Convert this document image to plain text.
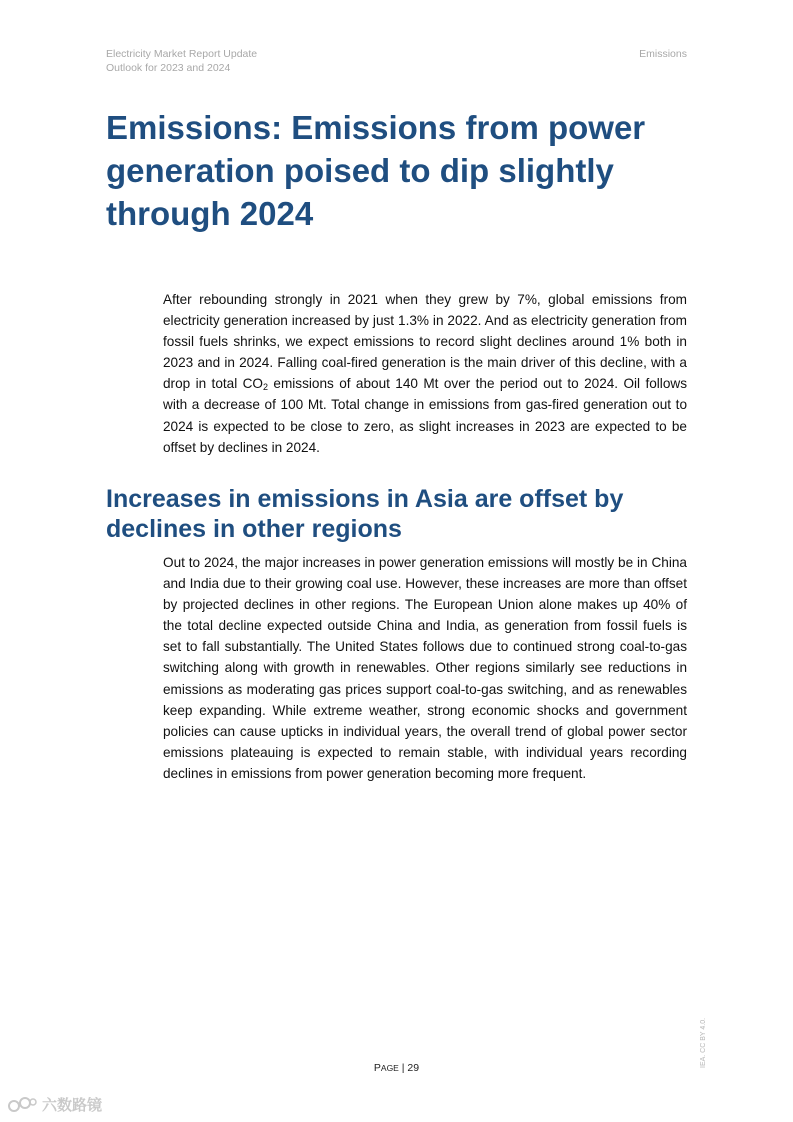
Electricity Market Report Update
Outlook for 2023 and 2024
Emissions
Emissions: Emissions from power generation poised to dip slightly through 2024

After rebounding strongly in 2021 when they grew by 7%, global emissions from electricity generation increased by just 1.3% in 2022. And as electricity generation from fossil fuels shrinks, we expect emissions to record slight declines around 1% both in 2023 and in 2024. Falling coal-fired generation is the main driver of this decline, with a drop in total $CO_2$ emissions of about 140 Mt over the period out to 2024. Oil follows with a decrease of 100 Mt. Total change in emissions from gas-fired generation out to 2024 is expected to be close to zero, as slight increases in 2023 are expected to be offset by declines in 2024.

Increases in emissions in Asia are offset by declines in other regions

Out to 2024, the major increases in power generation emissions will mostly be in China and India due to their growing coal use. However, these increases are more than offset by projected declines in other regions. The European Union alone makes up 40% of the total decline expected outside China and India, as generation from fossil fuels is set to fall substantially. The United States follows due to continued strong coal-to-gas switching along with growth in renewables. Other regions similarly see reductions in emissions as moderating gas prices support coal-to-gas switching, and as renewables keep expanding. While extreme weather, strong economic shocks and government policies can cause upticks in individual years, the overall trend of global power sector emissions plateauing is expected to remain stable, with individual years recording declines in emissions from power generation becoming more frequent.

PAGE | 29	IEA. CC BY 4.0.
六数路镜
